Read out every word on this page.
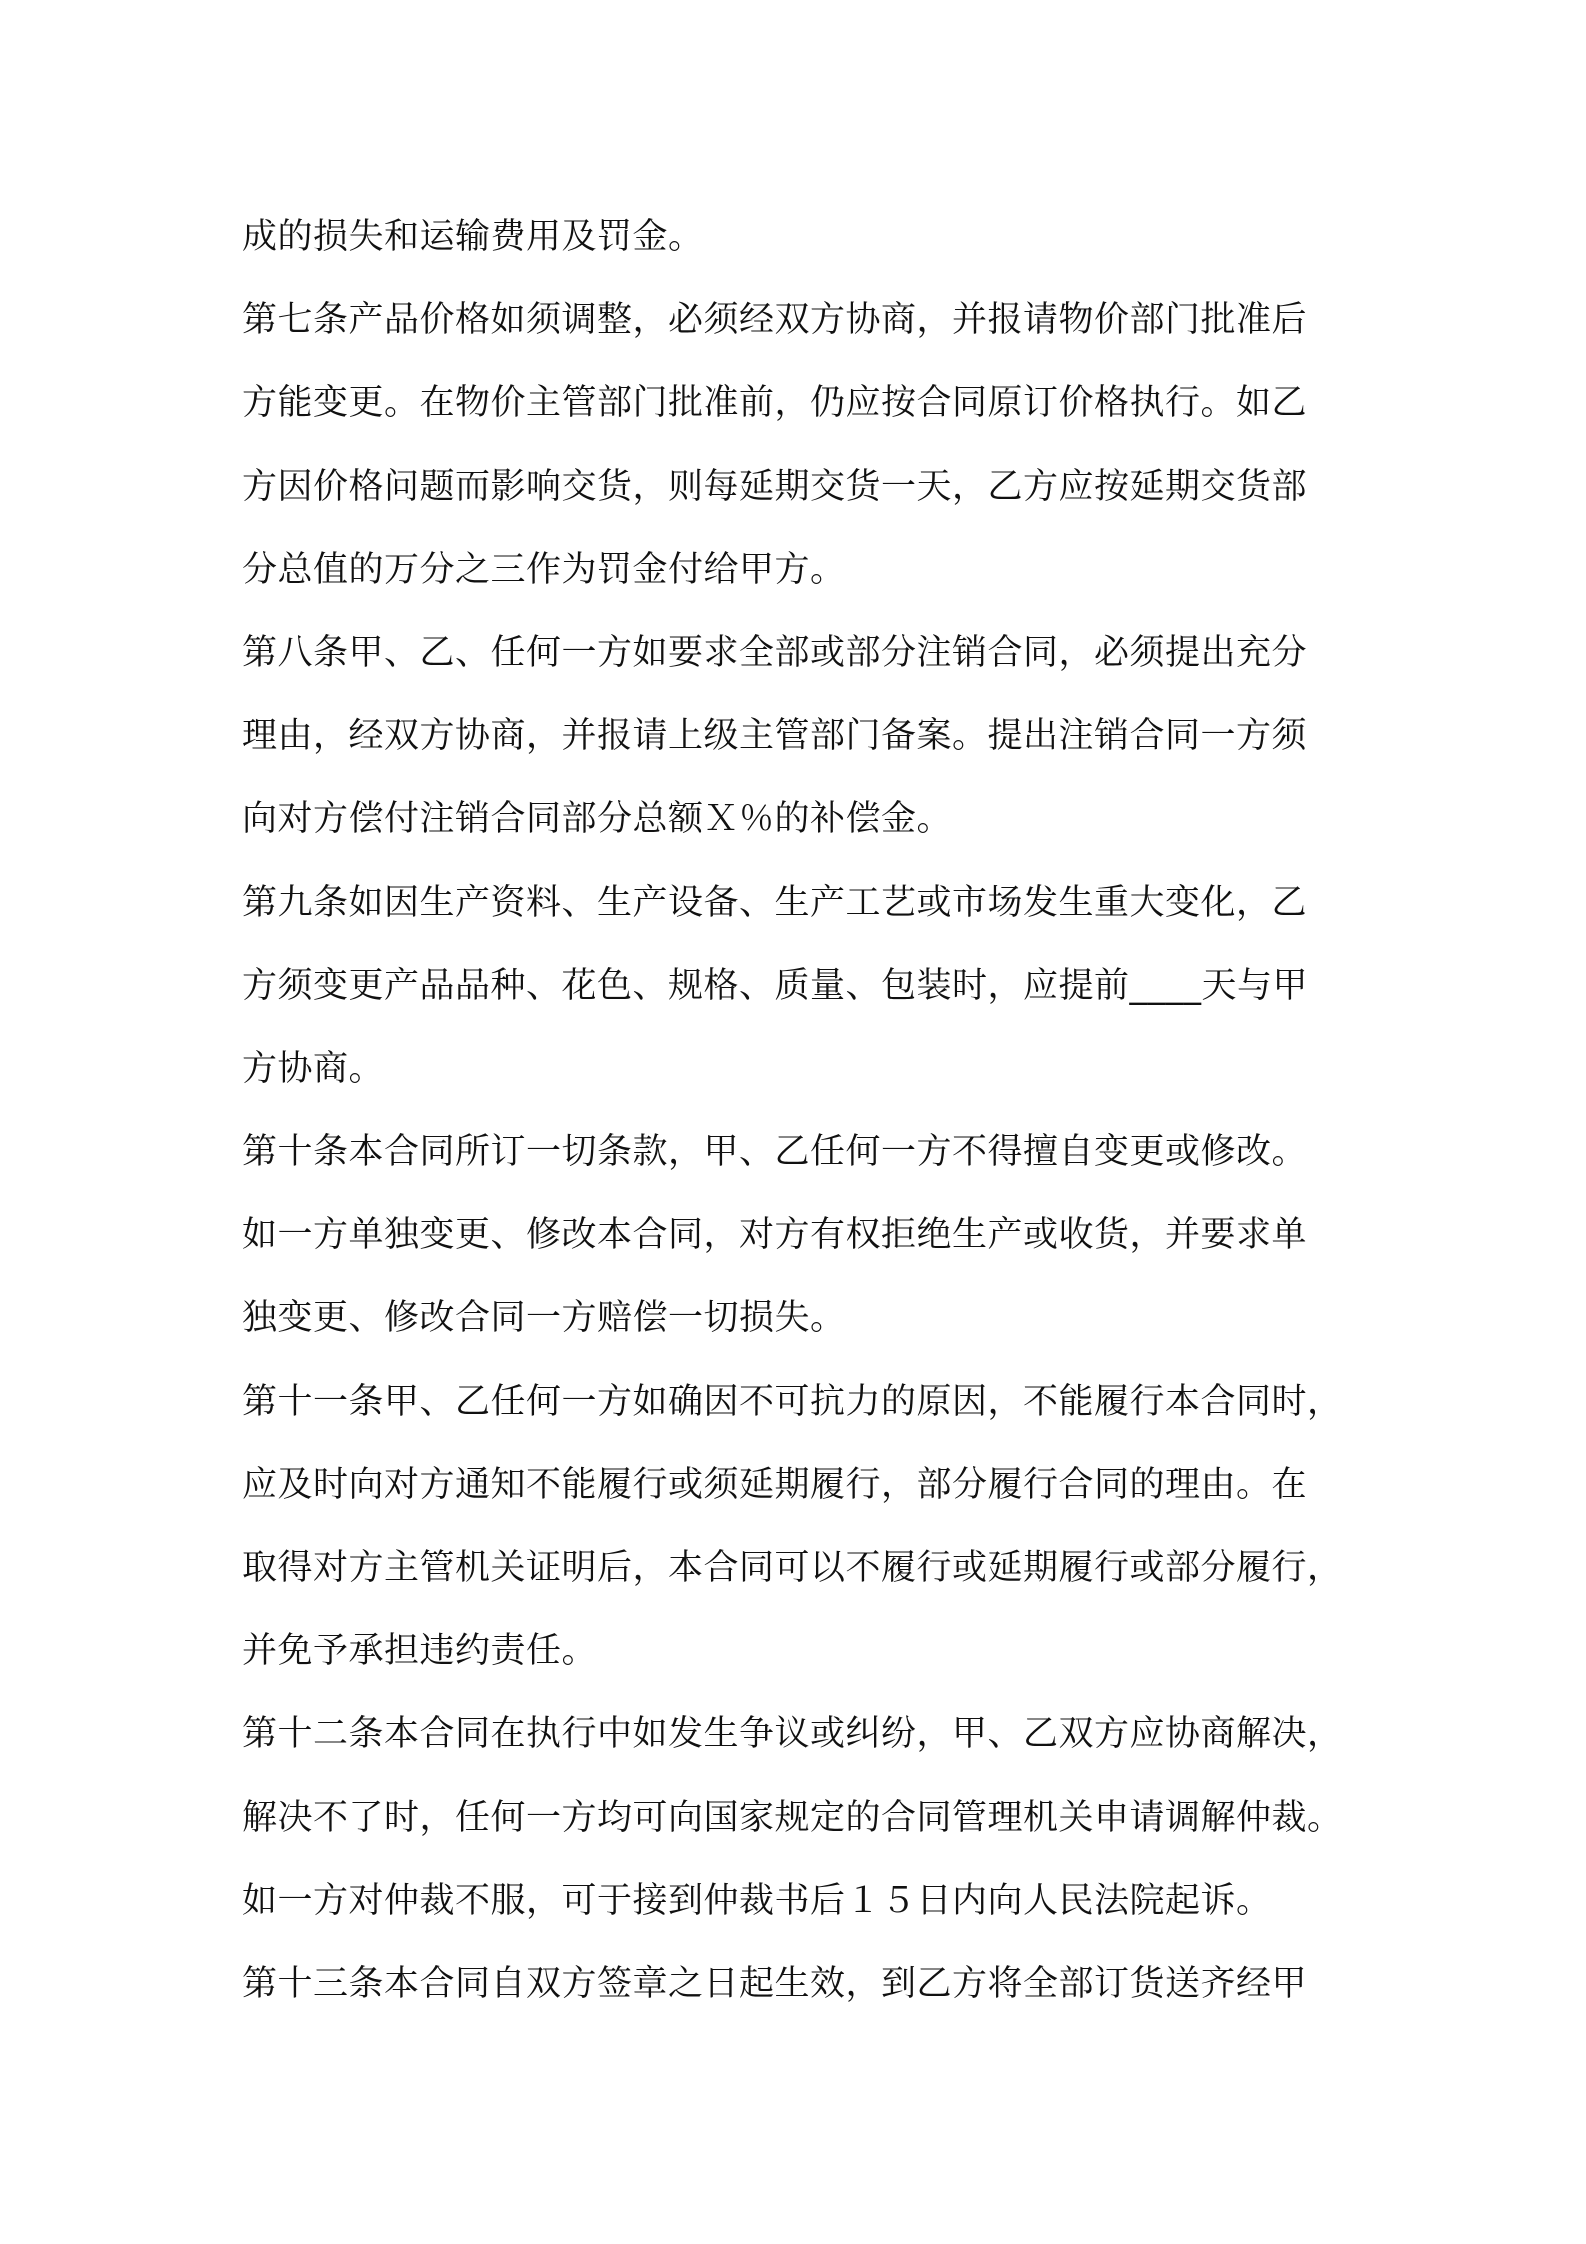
成的损失和运输费用及罚金。
第七条产品价格如须调整，必须经双方协商，并报请物价部门批准后
方能变更。在物价主管部门批准前，仍应按合同原订价格执行。如乙
方因价格问题而影响交货，则每延期交货一天，乙方应按延期交货部
分总值的万分之三作为罚金付给甲方。
第八条甲、乙、任何一方如要求全部或部分注销合同，必须提出充分
理由，经双方协商，并报请上级主管部门备案。提出注销合同一方须
向对方偿付注销合同部分总额Ｘ％的补偿金。
第九条如因生产资料、生产设备、生产工艺或市场发生重大变化，乙
方须变更产品品种、花色、规格、质量、包装时，应提前____天与甲
方协商。
第十条本合同所订一切条款，甲、乙任何一方不得擅自变更或修改。
如一方单独变更、修改本合同，对方有权拒绝生产或收货，并要求单
独变更、修改合同一方赔偿一切损失。
第十一条甲、乙任何一方如确因不可抗力的原因，不能履行本合同时，
应及时向对方通知不能履行或须延期履行，部分履行合同的理由。在
取得对方主管机关证明后，本合同可以不履行或延期履行或部分履行，
并免予承担违约责任。
第十二条本合同在执行中如发生争议或纠纷，甲、乙双方应协商解决，
解决不了时，任何一方均可向国家规定的合同管理机关申请调解仲裁。
如一方对仲裁不服，可于接到仲裁书后１５日内向人民法院起诉。
第十三条本合同自双方签章之日起生效，到乙方将全部订货送齐经甲
